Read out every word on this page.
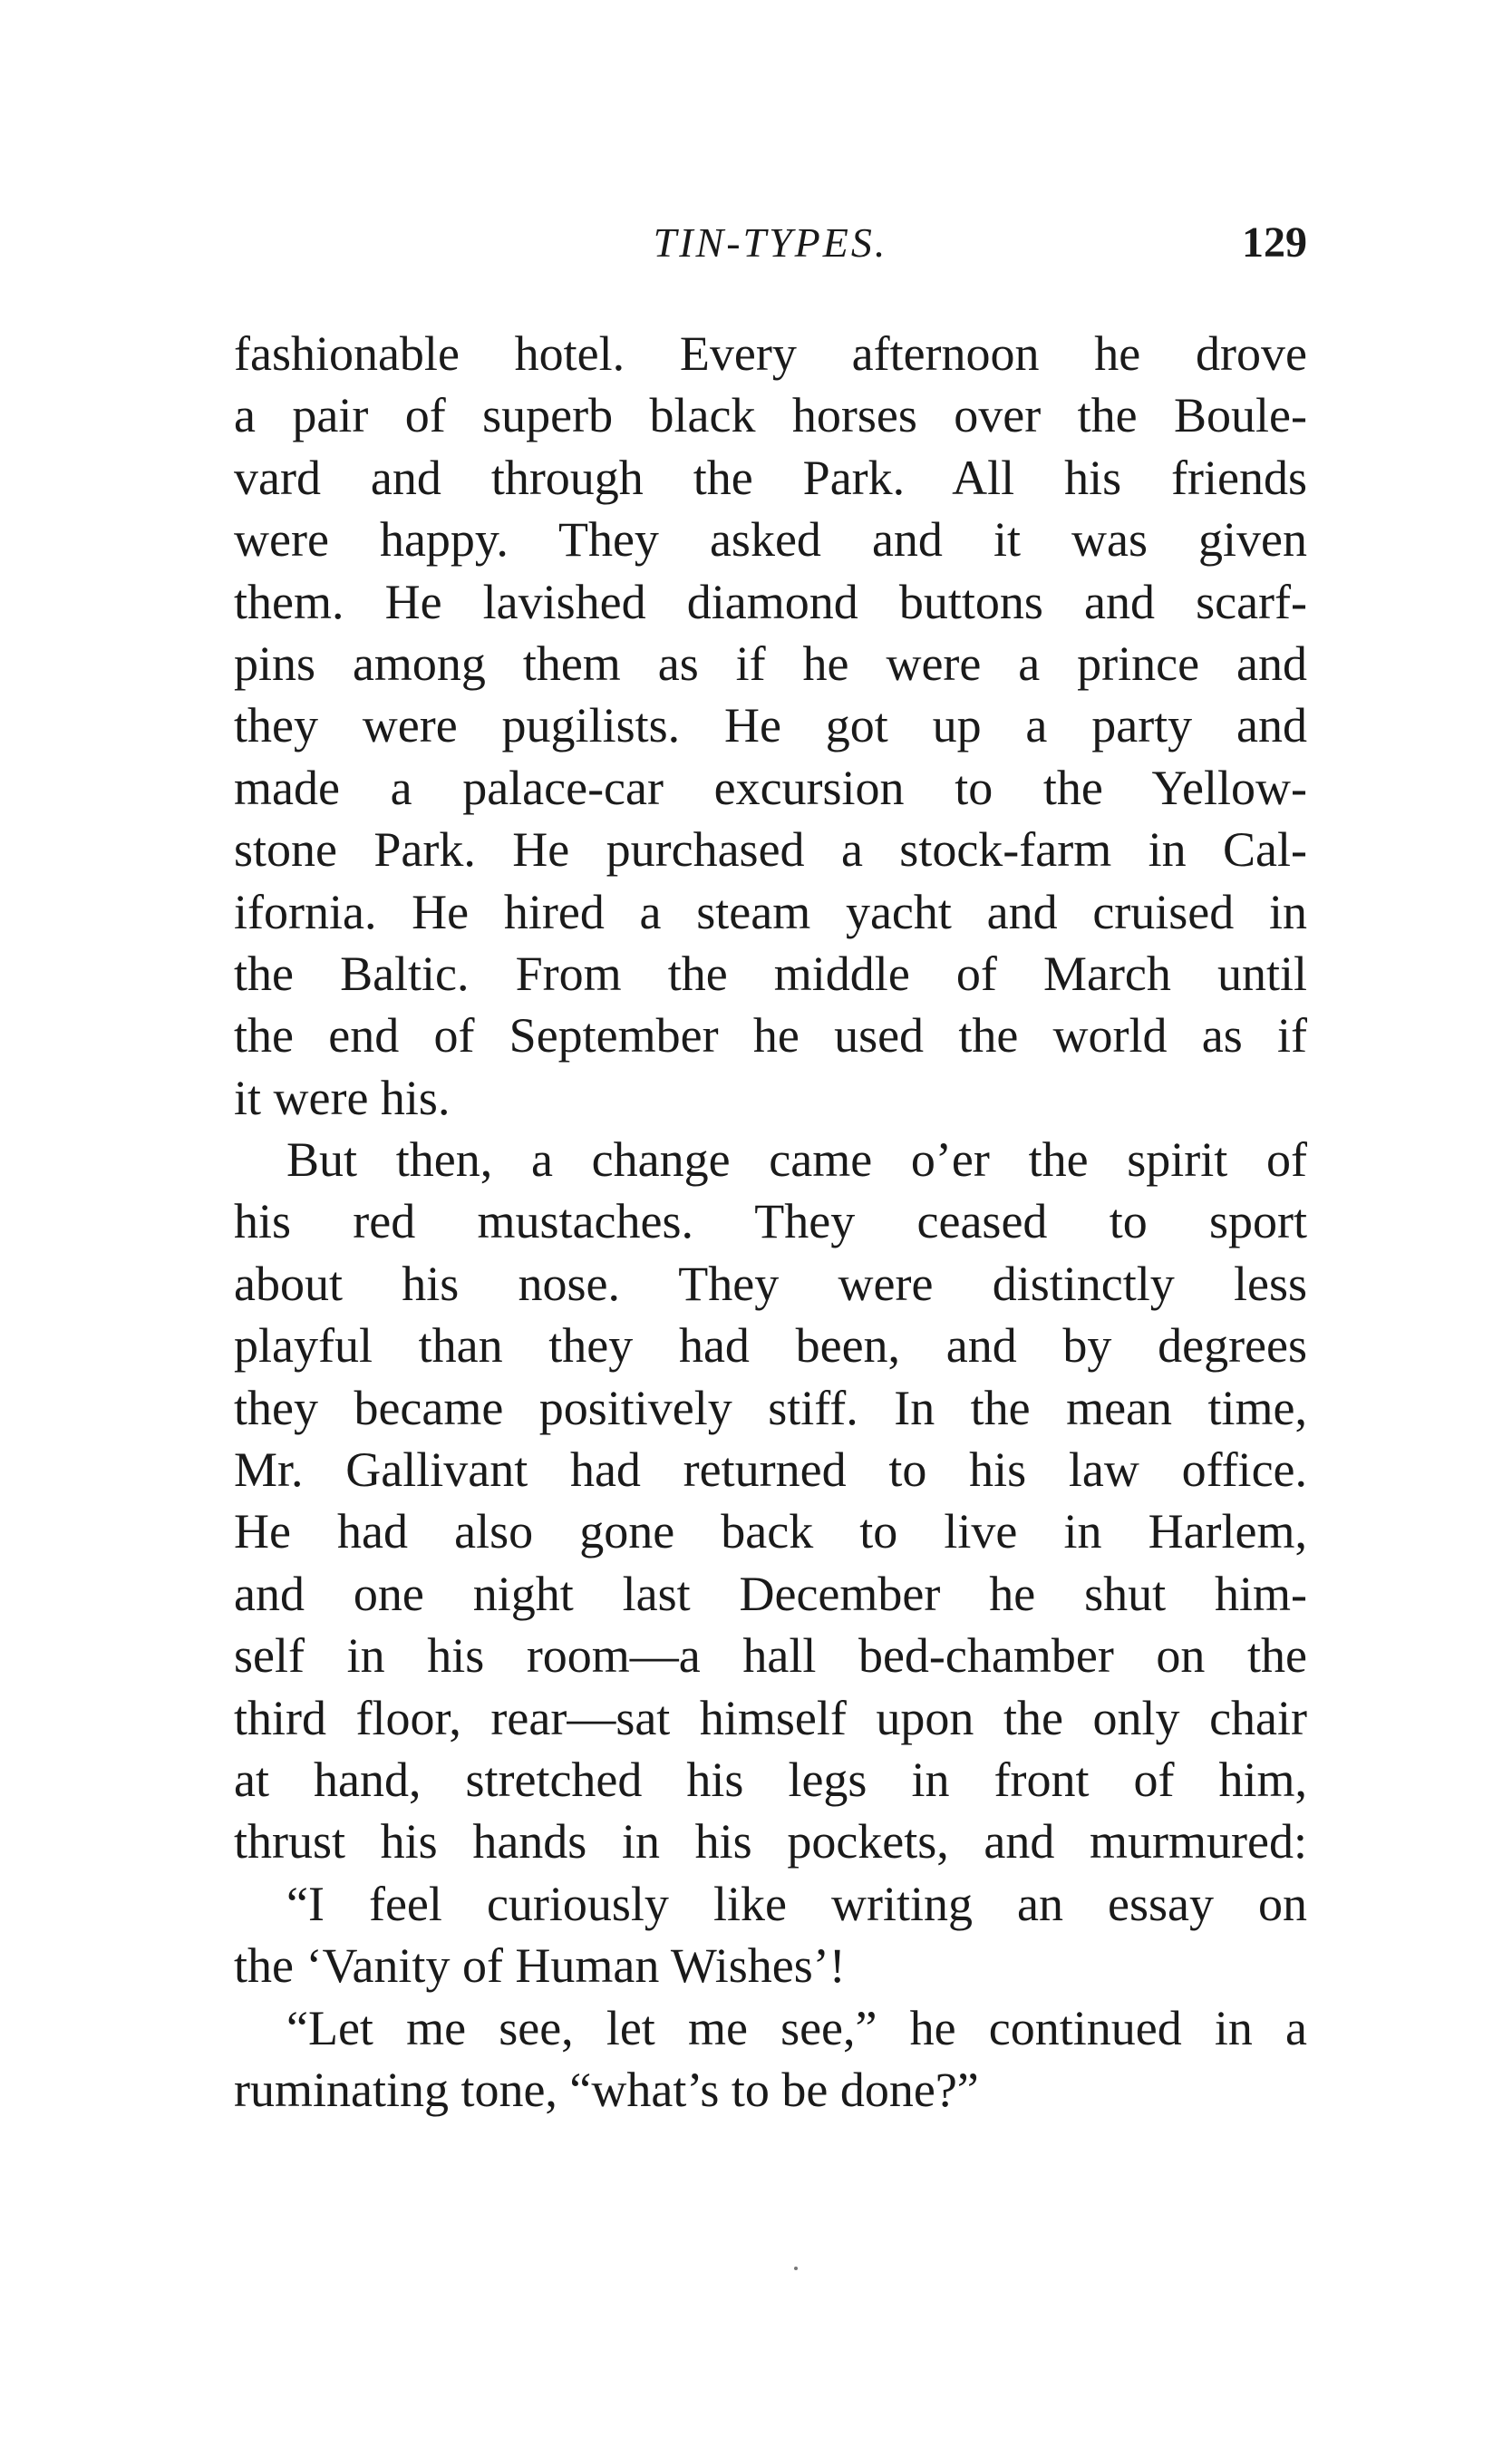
TIN-TYPES.	129
fashionable hotel. Every afternoon he drove
a pair of superb black horses over the Boule-
vard and through the Park. All his friends
were happy. They asked and it was given
them. He lavished diamond buttons and scarf-
pins among them as if he were a prince and
they were pugilists. He got up a party and
made a palace-car excursion to the Yellow-
stone Park. He purchased a stock-farm in Cal-
ifornia. He hired a steam yacht and cruised in
the Baltic. From the middle of March until
the end of September he used the world as if
it were his.
But then, a change came o’er the spirit of
his red mustaches. They ceased to sport
about his nose. They were distinctly less
playful than they had been, and by degrees
they became positively stiff. In the mean time,
Mr. Gallivant had returned to his law office.
He had also gone back to live in Harlem,
and one night last December he shut him-
self in his room—a hall bed-chamber on the
third floor, rear—sat himself upon the only chair
at hand, stretched his legs in front of him,
thrust his hands in his pockets, and murmured:
“I feel curiously like writing an essay on
the ‘Vanity of Human Wishes’!
“Let me see, let me see,” he continued in a
ruminating tone, “what’s to be done?”
